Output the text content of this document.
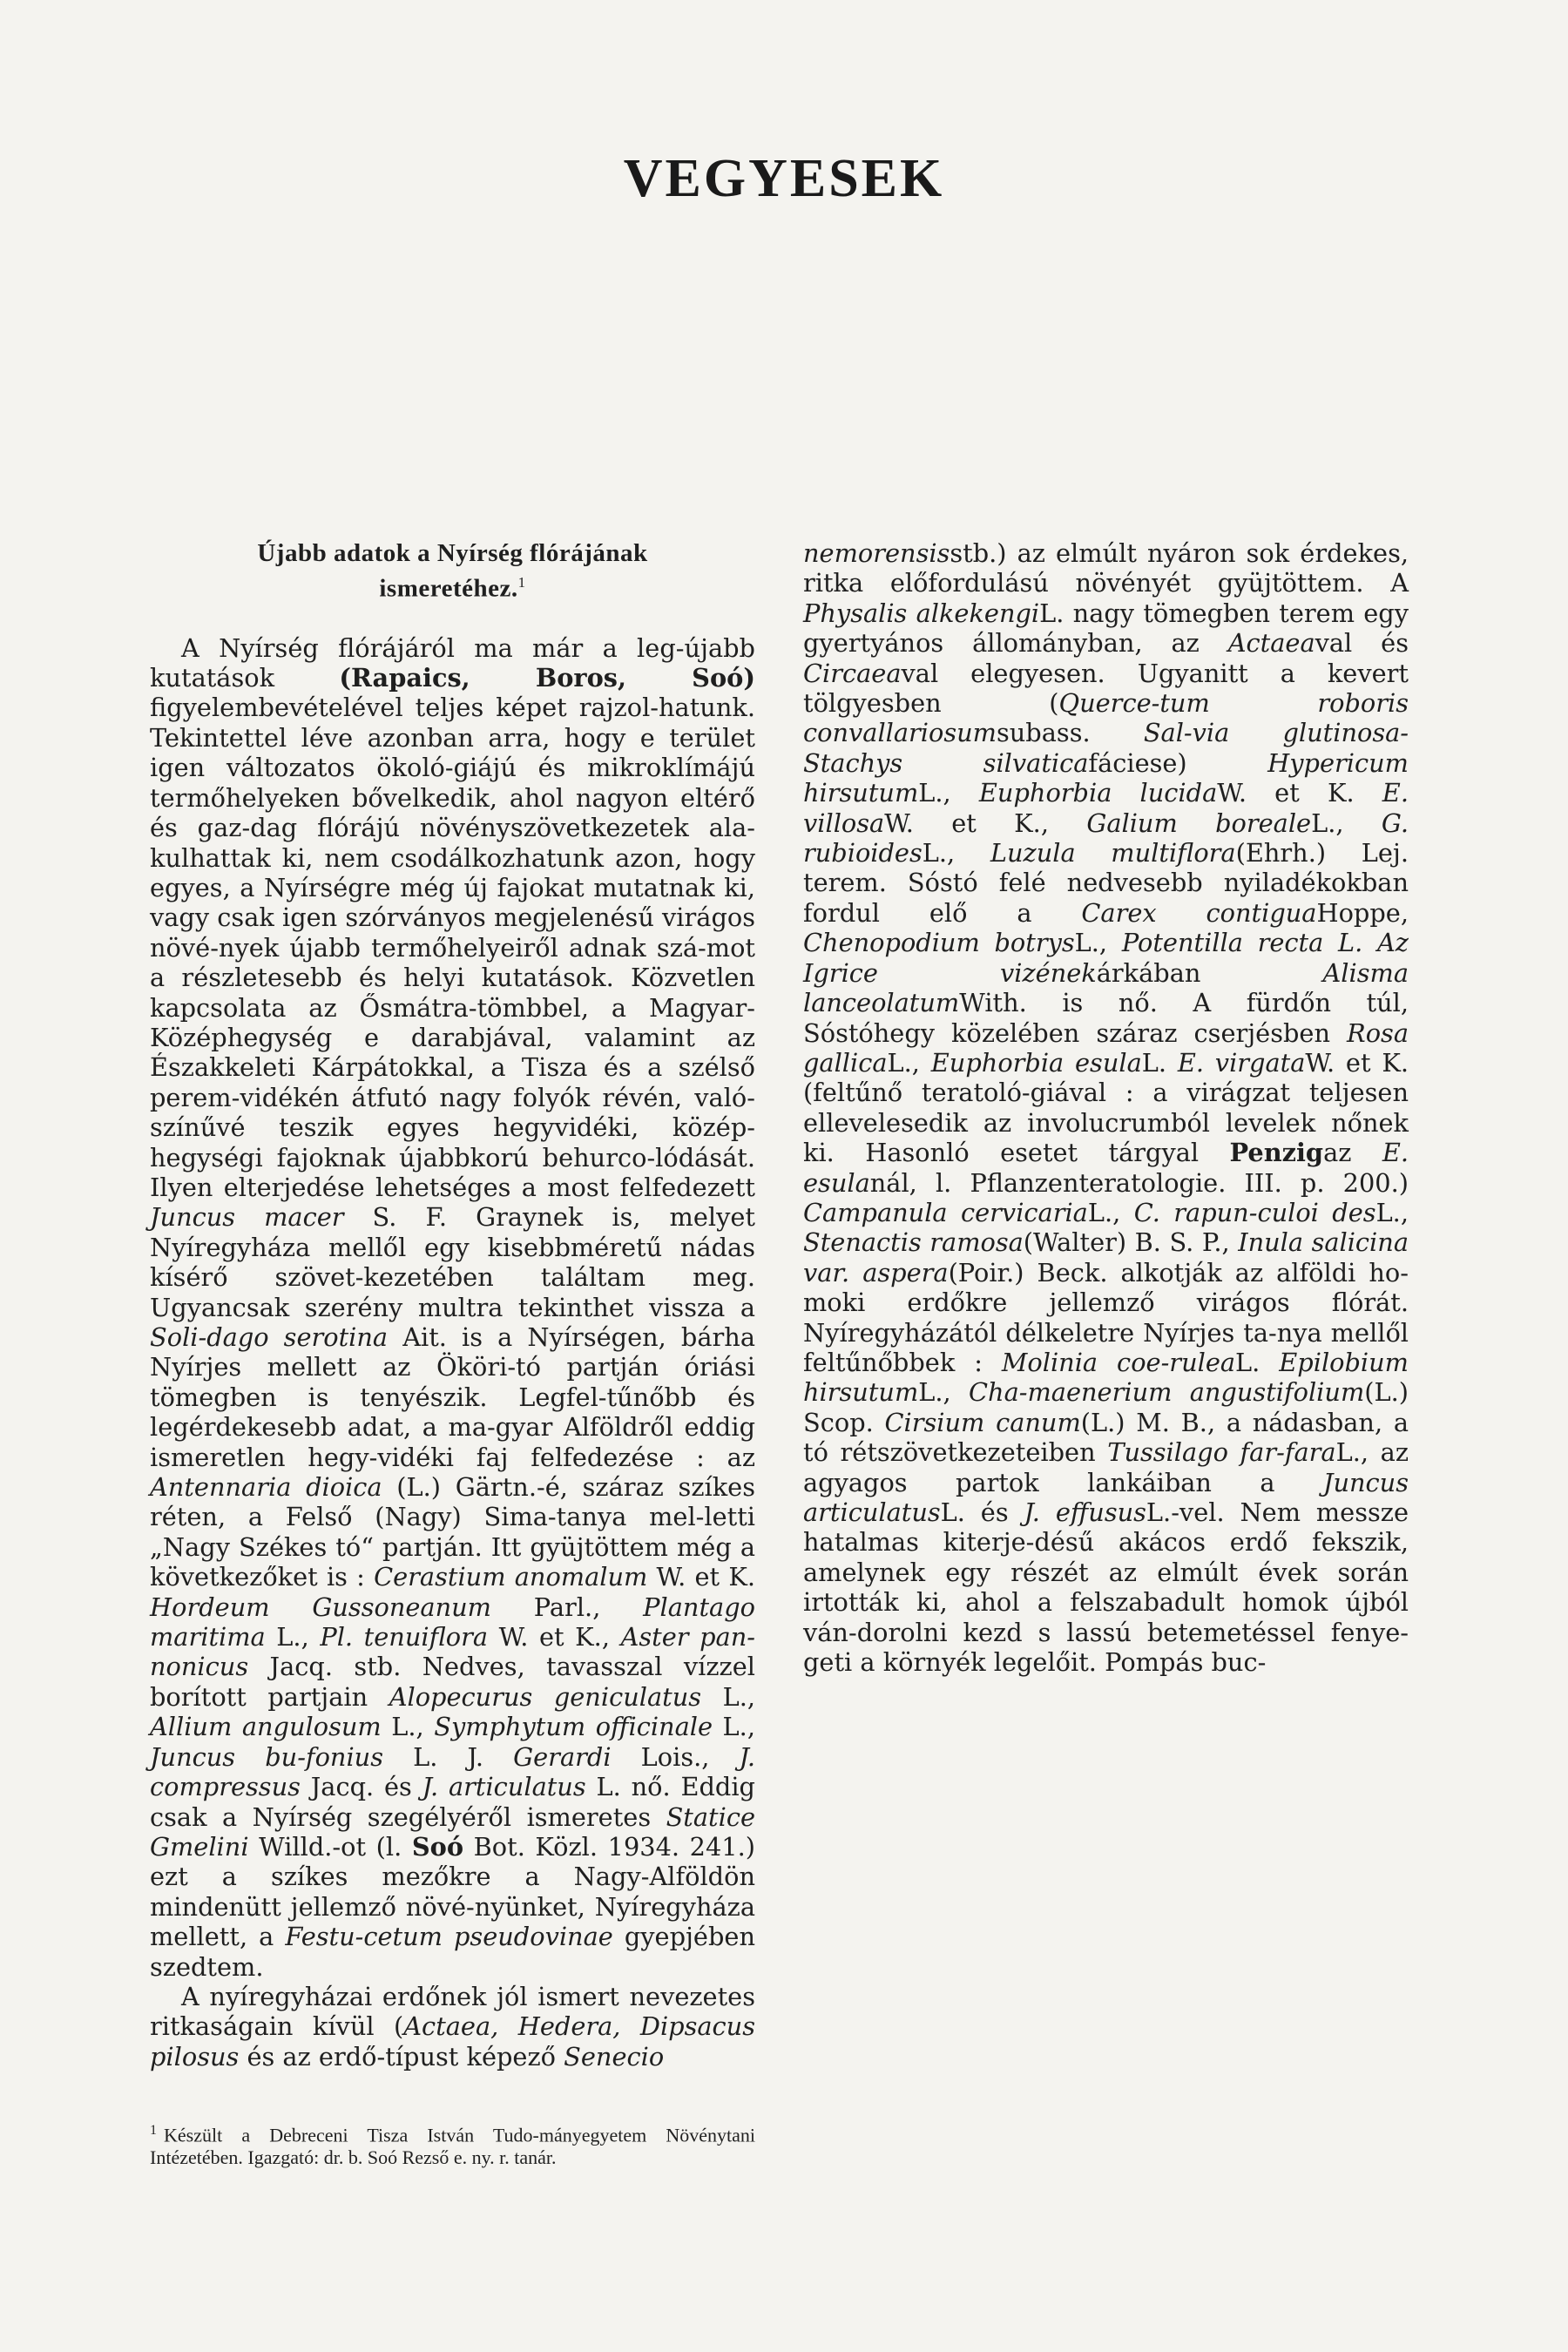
VEGYESEK
Újabb adatok a Nyírség flórájának
ismeretéhez.$^1$

A Nyírség flórájáról ma már a leg-újabb kutatások (Rapaics, Boros, Soó) figyelembevételével teljes képet rajzol-hatunk. Tekintettel léve azonban arra, hogy e terület igen változatos ökoló-giájú és mikroklímájú termőhelyeken bővelkedik, ahol nagyon eltérő és gaz-dag flórájú növényszövetkezetek ala-kulhattak ki, nem csodálkozhatunk azon, hogy egyes, a Nyírségre még új fajokat mutatnak ki, vagy csak igen szórványos megjelenésű virágos növé-nyek újabb termőhelyeiről adnak szá-mot a részletesebb és helyi kutatások. Közvetlen kapcsolata az Ősmátra-tömbbel, a Magyar-Középhegység e darabjával, valamint az Északkeleti Kárpátokkal, a Tisza és a szélső perem-vidékén átfutó nagy folyók révén, való-színűvé teszik egyes hegyvidéki, közép-hegységi fajoknak újabbkorú behurco-lódását. Ilyen elterjedése lehetséges a most felfedezett Juncus macer S. F. Graynek is, melyet Nyíregyháza mellől egy kisebbméretű nádas kísérő szövet-kezetében találtam meg. Ugyancsak szerény multra tekinthet vissza a Soli-dago serotina Ait. is a Nyírségen, bárha Nyírjes mellett az Ököri-tó partján óriási tömegben is tenyészik. Legfel-tűnőbb és legérdekesebb adat, a ma-gyar Alföldről eddig ismeretlen hegy-vidéki faj felfedezése : az Antennaria dioica (L.) Gärtn.-é, száraz szíkes réten, a Felső (Nagy) Sima-tanya mel-letti „Nagy Székes tó“ partján. Itt gyüjtöttem még a következőket is : Cerastium anomalum W. et K. Hordeum Gussoneanum Parl., Plantago maritima L., Pl. tenuiflora W. et K., Aster pan-nonicus Jacq. stb. Nedves, tavasszal vízzel borított partjain Alopecurus geniculatus L., Allium angulosum L., Symphytum officinale L., Juncus bu-fonius L. J. Gerardi Lois., J. compressus Jacq. és J. articulatus L. nő. Eddig csak a Nyírség szegélyéről ismeretes Statice Gmelini Willd.-ot (l. Soó Bot. Közl. 1934. 241.) ezt a szíkes mezőkre a Nagy-Alföldön mindenütt jellemző növé-nyünket, Nyíregyháza mellett, a Festu-cetum pseudovinae gyepjében szedtem.

A nyíregyházai erdőnek jól ismert nevezetes ritkaságain kívül (Actaea, Hedera, Dipsacus pilosus és az erdő-típust képező Senecio

nemorensisstb.) az elmúlt nyáron sok érdekes, ritka előfordulású növényét gyüjtöttem. A Physalis alkekengiL. nagy tömegben terem egy gyertyános állományban, az Actaeaval és Circaeaval elegyesen. Ugyanitt a kevert tölgyesben (Querce-tum roboris convallariosumsubass. Sal-via glutinosa-Stachys silvaticafáciese) Hypericum hirsutumL., Euphorbia lucidaW. et K. E. villosaW. et K., Galium borealeL., G. rubioidesL., Luzula multiflora(Ehrh.) Lej. terem. Sóstó felé nedvesebb nyiladékokban fordul elő a Carex contiguaHoppe, Chenopodium botrysL., Potentilla recta L. Az Igrice vizénekárkában Alisma lanceolatumWith. is nő. A fürdőn túl, Sóstóhegy közelében száraz cserjésben Rosa gallicaL., Euphorbia esulaL. E. virgataW. et K. (feltűnő teratoló-giával : a virágzat teljesen ellevelesedik az involucrumból levelek nőnek ki. Hasonló esetet tárgyal Penzigaz E. esulanál, l. Pflanzenteratologie. III. p. 200.) Campanula cervicariaL., C. rapun-culoi desL., Stenactis ramosa(Walter) B. S. P., Inula salicina var. aspera(Poir.) Beck. alkotják az alföldi ho-moki erdőkre jellemző virágos flórát. Nyíregyházától délkeletre Nyírjes ta-nya mellől feltűnőbbek : Molinia coe-ruleaL. Epilobium hirsutumL., Cha-maenerium angustifolium(L.) Scop. Cirsium canum(L.) M. B., a nádasban, a tó rétszövetkezeteiben Tussilago far-faraL., az agyagos partok lankáiban a Juncus articulatusL. és J. effususL.-vel. Nem messze hatalmas kiterje-désű akácos erdő fekszik, amelynek egy részét az elmúlt évek során irtották ki, ahol a felszabadult homok újból ván-dorolni kezd s lassú betemetéssel fenye-geti a környék legelőit. Pompás buc-

$^1$ Készült a Debreceni Tisza István Tudo-mányegyetem Növénytani Intézetében. Igazgató: dr. b. Soó Rezső e. ny. r. tanár.
